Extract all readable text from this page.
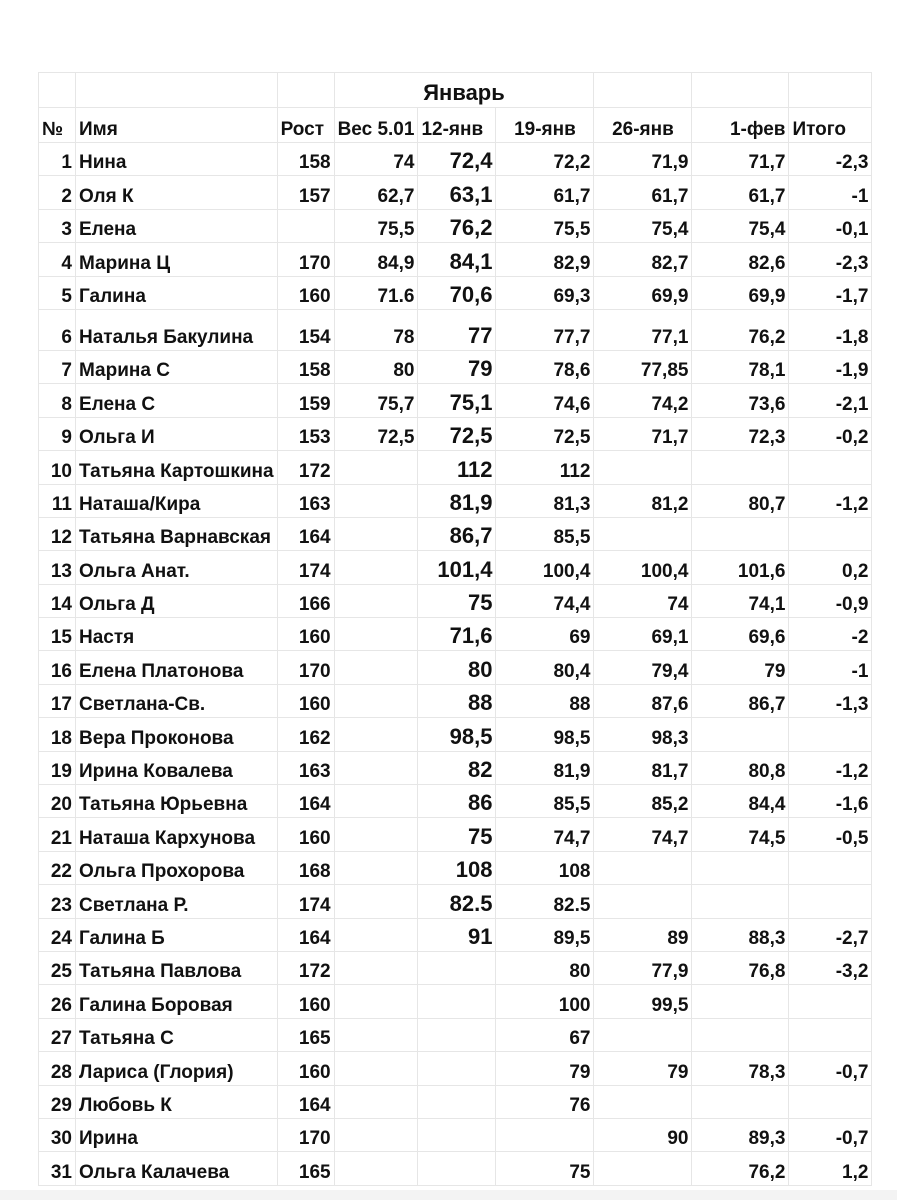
			Январь					
№	Имя	Рост	Вес 5.01	12-янв	19-янв	26-янв	1-фев	Итого
1	Нина	158	74	72,4	72,2	71,9	71,7	-2,3
2	Оля К	157	62,7	63,1	61,7	61,7	61,7	-1
3	Елена		75,5	76,2	75,5	75,4	75,4	-0,1
4	Марина Ц	170	84,9	84,1	82,9	82,7	82,6	-2,3
5	Галина	160	71.6	70,6	69,3	69,9	69,9	-1,7
6	Наталья Бакулина	154	78	77	77,7	77,1	76,2	-1,8
7	Марина С	158	80	79	78,6	77,85	78,1	-1,9
8	Елена С	159	75,7	75,1	74,6	74,2	73,6	-2,1
9	Ольга И	153	72,5	72,5	72,5	71,7	72,3	-0,2
10	Татьяна Картошкина	172		112	112			
11	Наташа/Кира	163		81,9	81,3	81,2	80,7	-1,2
12	Татьяна Варнавская	164		86,7	85,5			
13	Ольга Анат.	174		101,4	100,4	100,4	101,6	0,2
14	Ольга Д	166		75	74,4	74	74,1	-0,9
15	Настя	160		71,6	69	69,1	69,6	-2
16	Елена Платонова	170		80	80,4	79,4	79	-1
17	Светлана-Св.	160		88	88	87,6	86,7	-1,3
18	Вера Проконова	162		98,5	98,5	98,3		
19	Ирина Ковалева	163		82	81,9	81,7	80,8	-1,2
20	Татьяна Юрьевна	164		86	85,5	85,2	84,4	-1,6
21	Наташа Кархунова	160		75	74,7	74,7	74,5	-0,5
22	Ольга Прохорова	168		108	108			
23	Светлана Р.	174		82.5	82.5			
24	Галина Б	164		91	89,5	89	88,3	-2,7
25	Татьяна Павлова	172			80	77,9	76,8	-3,2
26	Галина Боровая	160			100	99,5		
27	Татьяна С	165			67			
28	Лариса (Глория)	160			79	79	78,3	-0,7
29	Любовь К	164			76			
30	Ирина	170				90	89,3	-0,7
31	Ольга Калачева	165			75		76,2	1,2
